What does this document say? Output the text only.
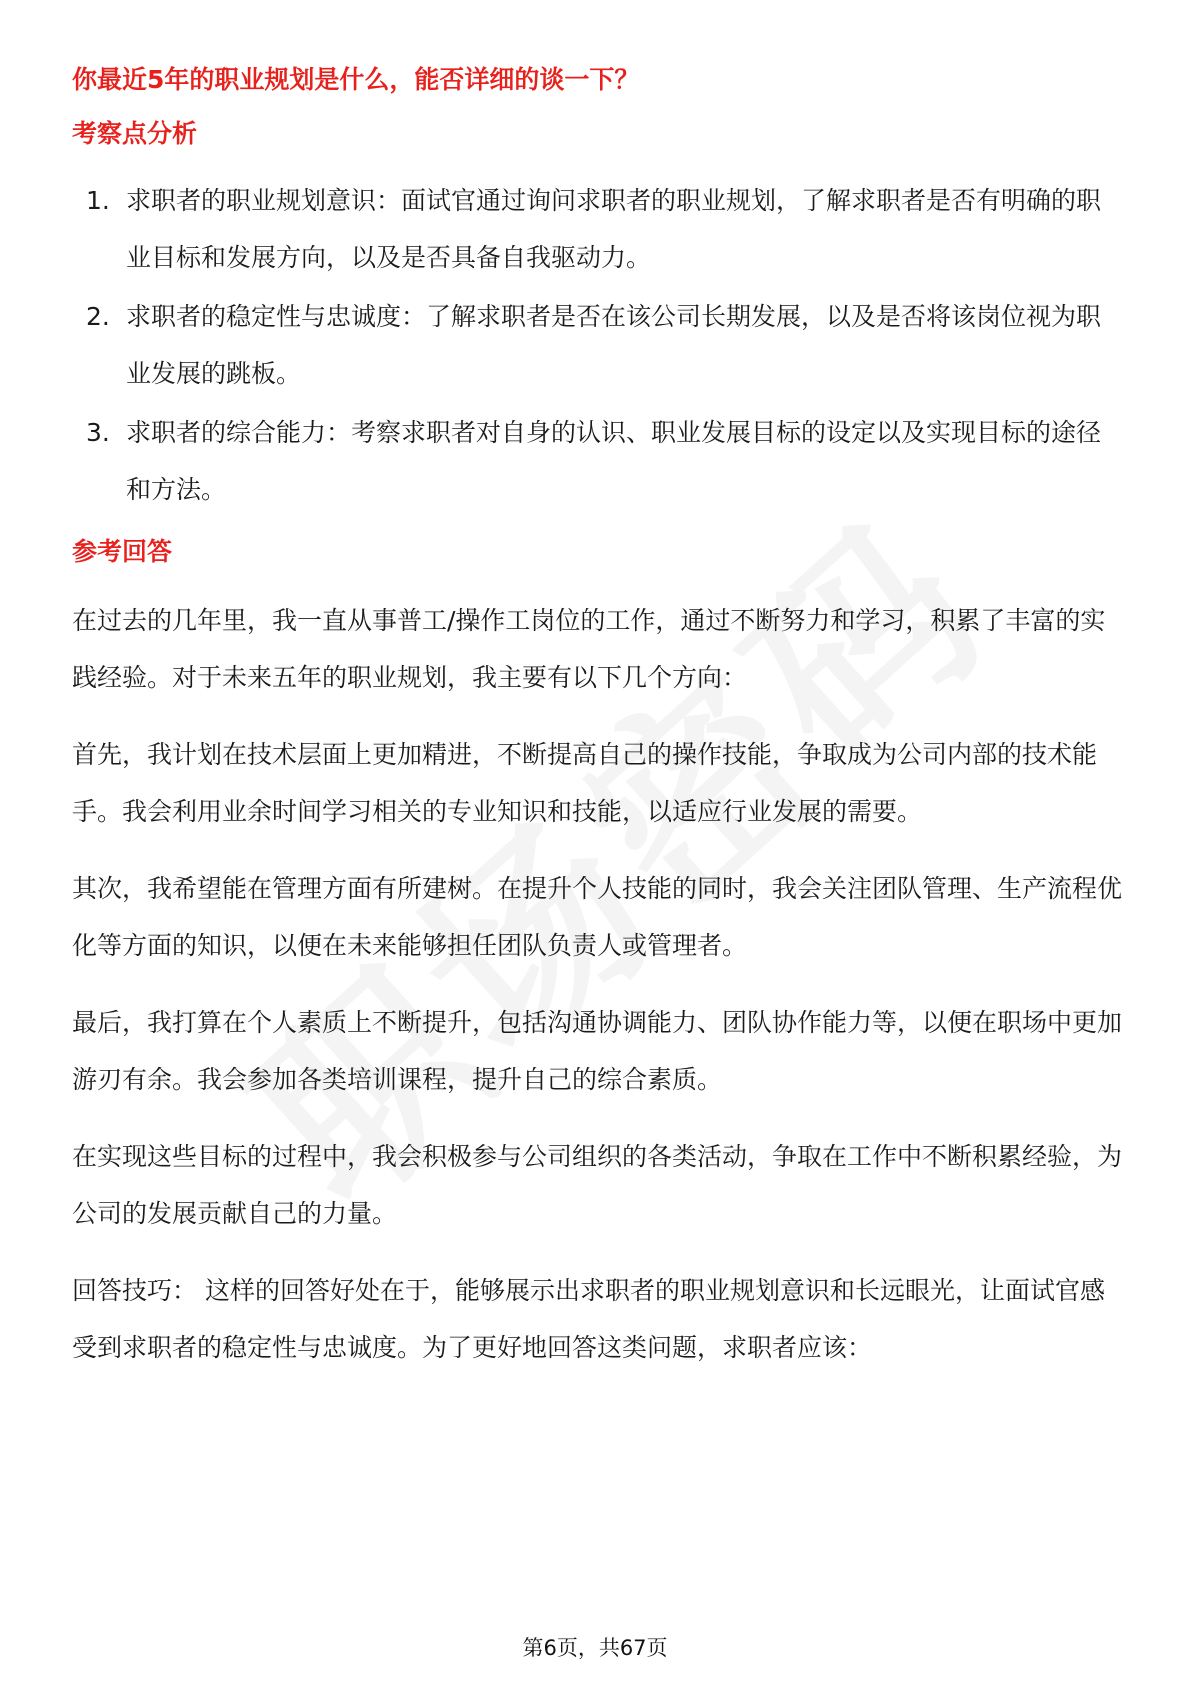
你最近5年的职业规划是什么，能否详细的谈一下？
考察点分析
1. 求职者的职业规划意识：面试官通过询问求职者的职业规划，了解求职者是否有明确的职业目标和发展方向，以及是否具备自我驱动力。
2. 求职者的稳定性与忠诚度：了解求职者是否在该公司长期发展，以及是否将该岗位视为职业发展的跳板。
3. 求职者的综合能力：考察求职者对自身的认识、职业发展目标的设定以及实现目标的途径和方法。
参考回答

在过去的几年里，我一直从事普工/操作工岗位的工作，通过不断努力和学习，积累了丰富的实践经验。对于未来五年的职业规划，我主要有以下几个方向：

首先，我计划在技术层面上更加精进，不断提高自己的操作技能，争取成为公司内部的技术能手。我会利用业余时间学习相关的专业知识和技能，以适应行业发展的需要。

其次，我希望能在管理方面有所建树。在提升个人技能的同时，我会关注团队管理、生产流程优化等方面的知识，以便在未来能够担任团队负责人或管理者。

最后，我打算在个人素质上不断提升，包括沟通协调能力、团队协作能力等，以便在职场中更加游刃有余。我会参加各类培训课程，提升自己的综合素质。

在实现这些目标的过程中，我会积极参与公司组织的各类活动，争取在工作中不断积累经验，为公司的发展贡献自己的力量。

回答技巧： 这样的回答好处在于，能够展示出求职者的职业规划意识和长远眼光，让面试官感受到求职者的稳定性与忠诚度。为了更好地回答这类问题，求职者应该：

第6页，共67页
